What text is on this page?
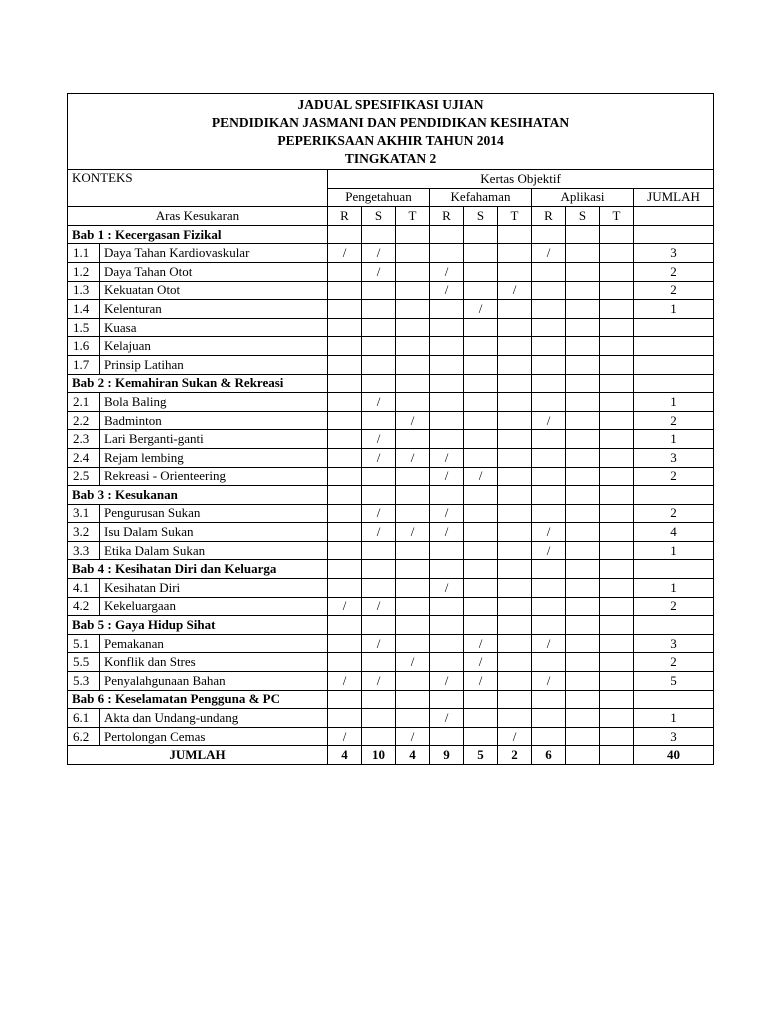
JADUAL SPESIFIKASI UJIAN
PENDIDIKAN JASMANI DAN PENDIDIKAN KESIHATAN
PEPERIKSAAN AKHIR TAHUN 2014
TINGKATAN 2											

KONTEKS		Kertas Objektif									
		Pengetahuan			Kefahaman			Aplikasi			JUMLAH
Aras Kesukaran		R	S	T	R	S	T	R	S	T	
Bab 1 : Kecergasan Fizikal											
1.1	Daya Tahan Kardiovaskular	/	/					/			3
1.2	Daya Tahan Otot		/		/						2
1.3	Kekuatan Otot				/		/				2
1.4	Kelenturan					/					1
1.5	Kuasa										
1.6	Kelajuan										
1.7	Prinsip Latihan										
Bab 2 : Kemahiran Sukan & Rekreasi											
2.1	Bola Baling		/								1
2.2	Badminton			/				/			2
2.3	Lari Berganti-ganti		/								1
2.4	Rejam lembing		/	/	/						3
2.5	Rekreasi - Orienteering				/	/					2
Bab 3 : Kesukanan											
3.1	Pengurusan Sukan		/		/						2
3.2	Isu Dalam Sukan		/	/	/			/			4
3.3	Etika Dalam Sukan							/			1
Bab 4 : Kesihatan Diri dan Keluarga											
4.1	Kesihatan Diri				/						1
4.2	Kekeluargaan	/	/								2
Bab 5 : Gaya Hidup Sihat											
5.1	Pemakanan		/			/		/			3
5.5	Konflik dan Stres			/		/					2
5.3	Penyalahgunaan Bahan	/	/		/	/		/			5
Bab 6 : Keselamatan Pengguna & PC											
6.1	Akta dan Undang-undang				/						1
6.2	Pertolongan Cemas	/		/			/				3
JUMLAH		4	10	4	9	5	2	6			40
